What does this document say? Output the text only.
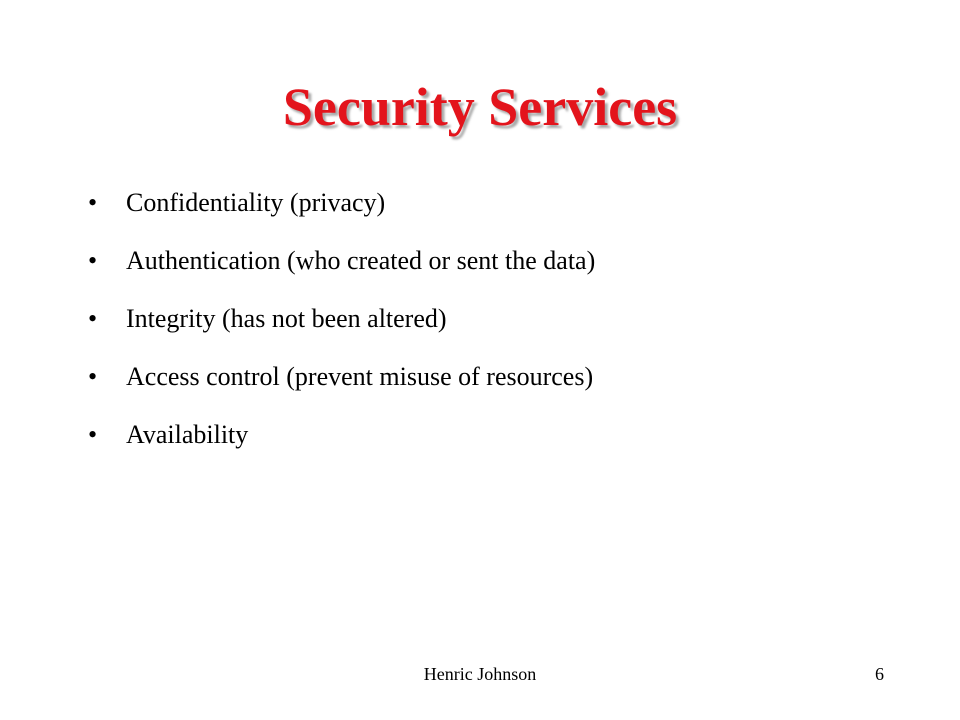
Security Services
•	Confidentiality (privacy)
•	Authentication (who created or sent the data)
•	Integrity (has not been altered)
•	Access control (prevent misuse of resources)
•	Availability
Henric Johnson	6
